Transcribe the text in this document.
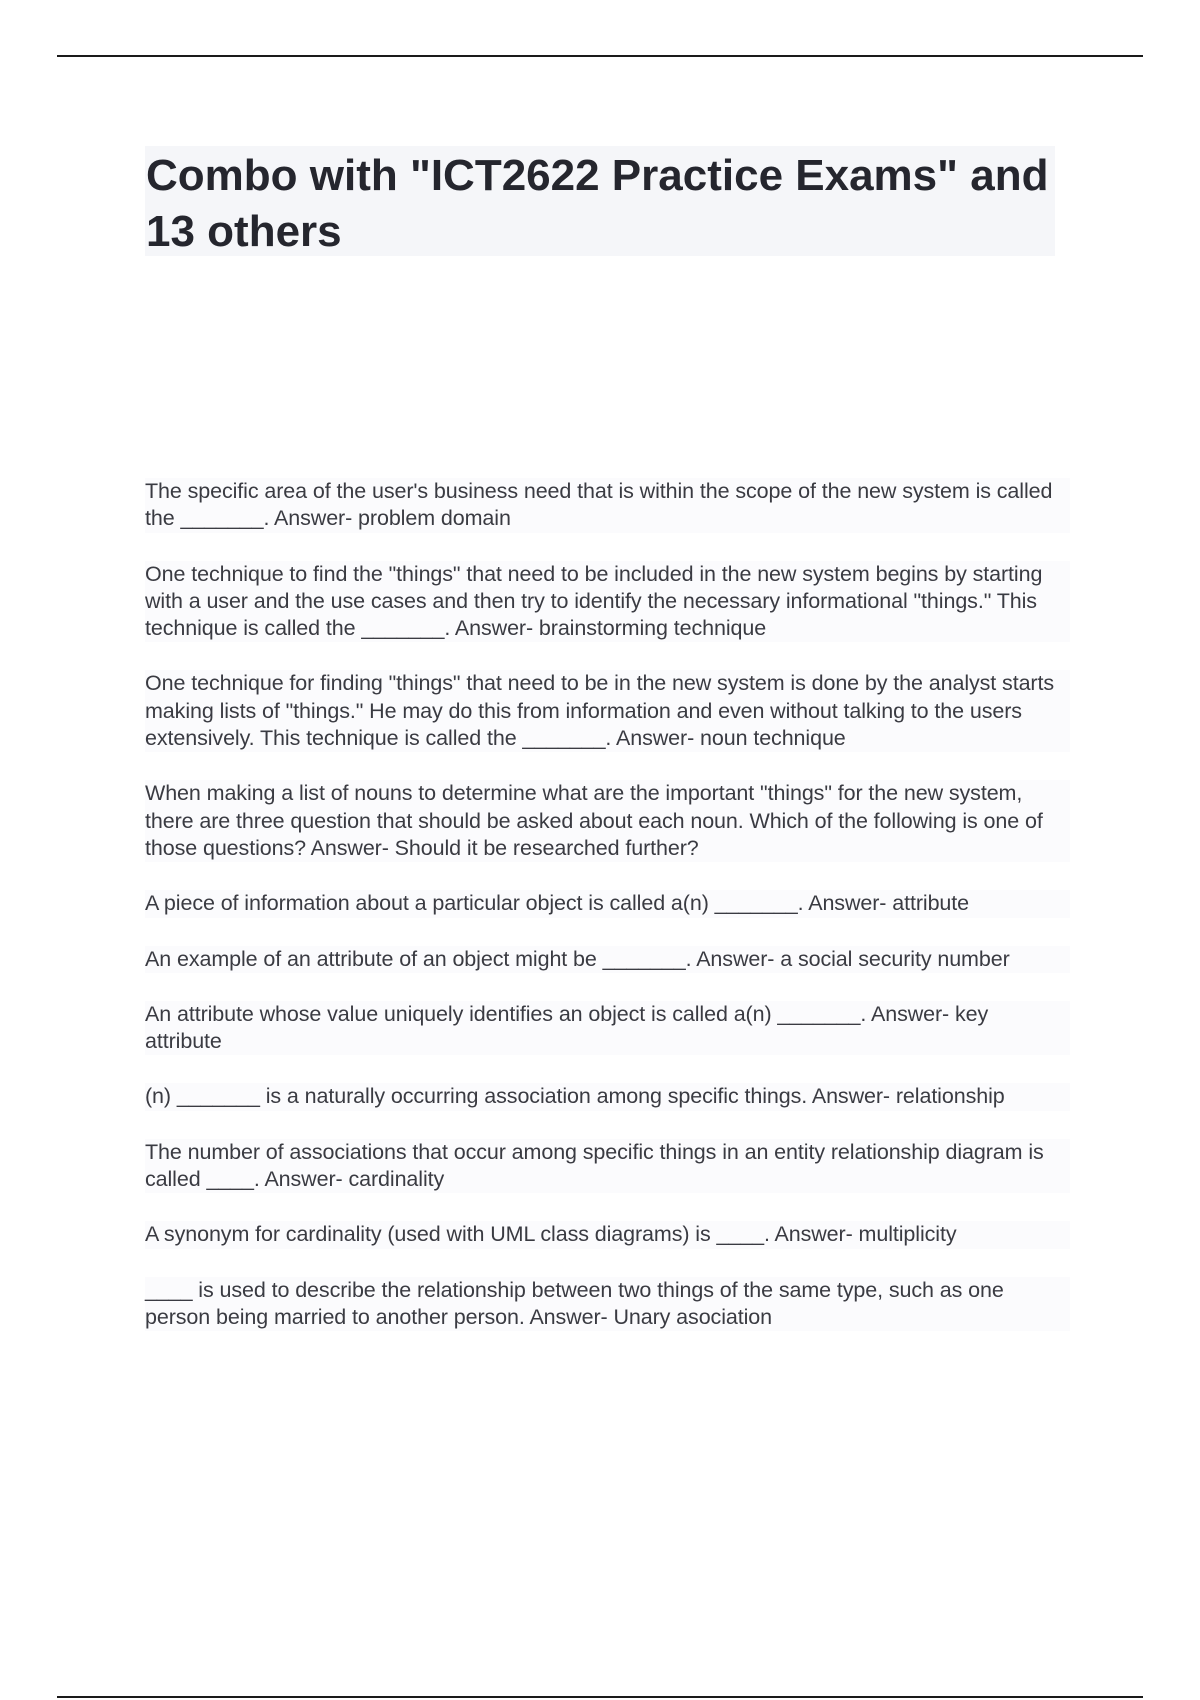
Combo with "ICT2622 Practice Exams" and 13 others

The specific area of the user's business need that is within the scope of the new system is called the _______. Answer- problem domain

One technique to find the "things" that need to be included in the new system begins by starting with a user and the use cases and then try to identify the necessary informational "things." This technique is called the _______. Answer- brainstorming technique

One technique for finding "things" that need to be in the new system is done by the analyst starts making lists of "things." He may do this from information and even without talking to the users extensively. This technique is called the _______. Answer- noun technique

When making a list of nouns to determine what are the important "things" for the new system, there are three question that should be asked about each noun. Which of the following is one of those questions? Answer- Should it be researched further?

A piece of information about a particular object is called a(n) _______. Answer- attribute

An example of an attribute of an object might be _______. Answer- a social security number

An attribute whose value uniquely identifies an object is called a(n) _______. Answer- key attribute

(n) _______ is a naturally occurring association among specific things. Answer- relationship

The number of associations that occur among specific things in an entity relationship diagram is called ____. Answer- cardinality

A synonym for cardinality (used with UML class diagrams) is ____. Answer- multiplicity

____ is used to describe the relationship between two things of the same type, such as one person being married to another person. Answer- Unary asociation
